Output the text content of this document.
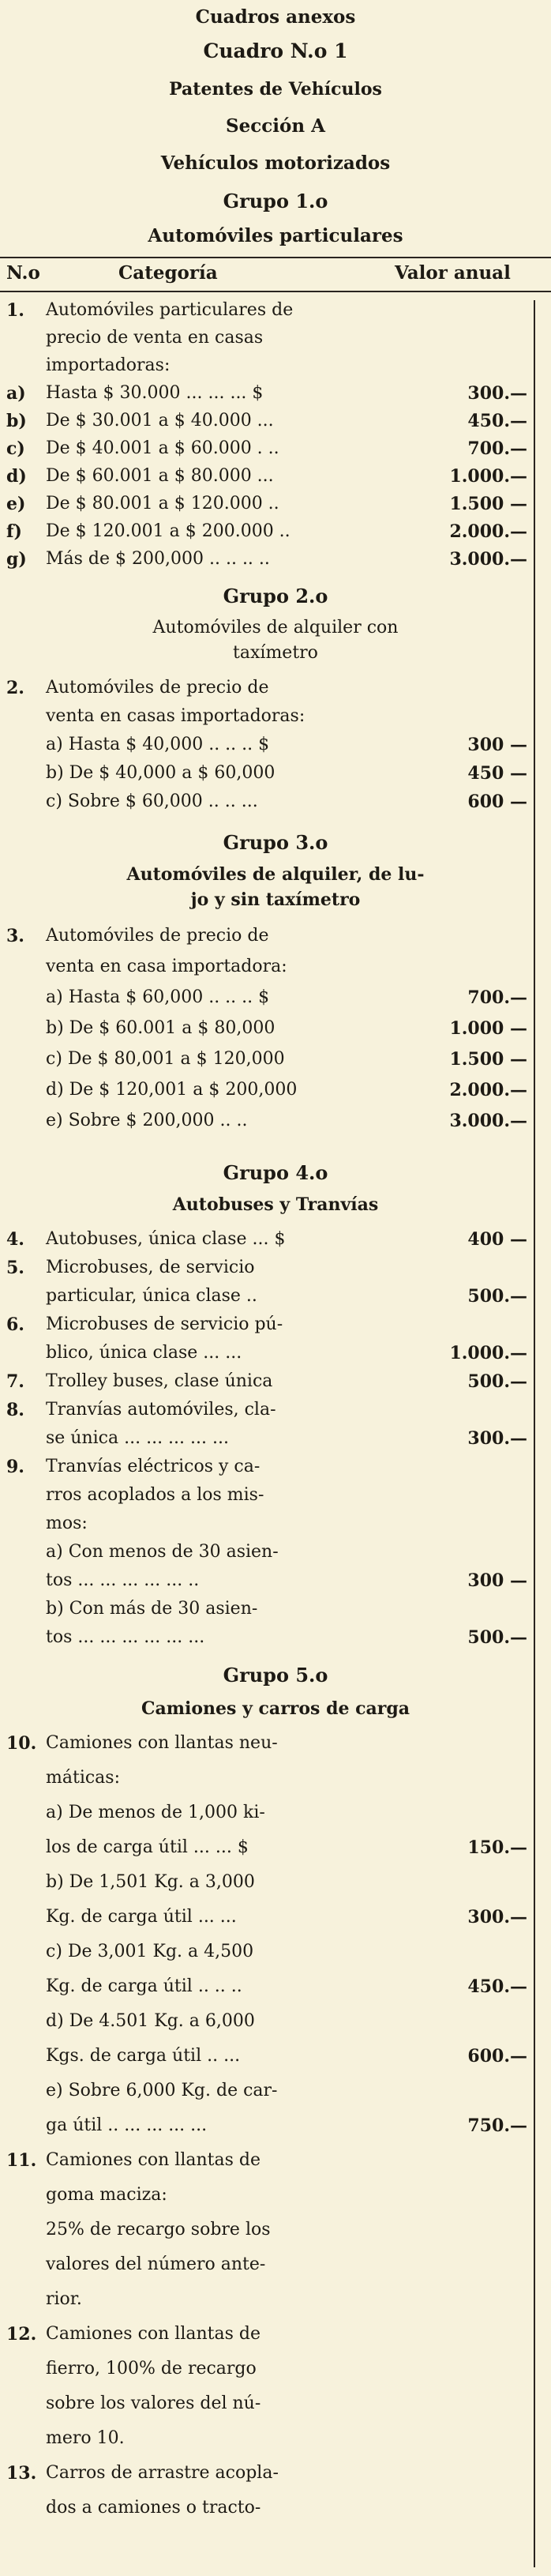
Cuadros anexos
Cuadro N.o 1
Patentes de Vehículos
Sección A
Vehículos motorizados
Grupo 1.o
Automóviles particulares
N.o	Categoría	Valor anual
1. Automóviles particulares de
precio de venta en casas
importadoras:
a) Hasta $ 30.000 ... ... ... $	300.—
b) De $ 30.001 a $ 40.000 ...	450.—
c) De $ 40.001 a $ 60.000 . ..	700.—
d) De $ 60.001 a $ 80.000 ...	1.000.—
e) De $ 80.001 a $ 120.000 ..	1.500 —
f) De $ 120.001 a $ 200.000 ..	2.000.—
g) Más de $ 200,000 .. .. .. ..	3.000.—
Grupo 2.o
Automóviles de alquiler con
taxímetro
2. Automóviles de precio de
venta en casas importadoras:
a) Hasta $ 40,000 .. .. .. $	300 —
b) De $ 40,000 a $ 60,000	450 —
c) Sobre $ 60,000 .. .. ...	600 —
Grupo 3.o
Automóviles de alquiler, de lu-
jo y sin taxímetro
3. Automóviles de precio de
venta en casa importadora:
a) Hasta $ 60,000 .. .. .. $	700.—
b) De $ 60.001 a $ 80,000	1.000 —
c) De $ 80,001 a $ 120,000	1.500 —
d) De $ 120,001 a $ 200,000	2.000.—
e) Sobre $ 200,000 .. ..	3.000.—
Grupo 4.o
Autobuses y Tranvías
4. Autobuses, única clase ... $	400 —
5. Microbuses, de servicio
particular, única clase ..	500.—
6. Microbuses de servicio pú-
blico, única clase ... ...	1.000.—
7. Trolley buses, clase única	500.—
8. Tranvías automóviles, cla-
se única ... ... ... ... ...	300.—
9. Tranvías eléctricos y ca-
rros acoplados a los mis-
mos:
a) Con menos de 30 asien-
tos ... ... ... ... ... ..	300 —
b) Con más de 30 asien-
tos ... ... ... ... ... ...	500.—
Grupo 5.o
Camiones y carros de carga
10. Camiones con llantas neu-
máticas:
a) De menos de 1,000 ki-
los de carga útil ... ... $	150.—
b) De 1,501 Kg. a 3,000
Kg. de carga útil ... ...	300.—
c) De 3,001 Kg. a 4,500
Kg. de carga útil .. .. ..	450.—
d) De 4.501 Kg. a 6,000
Kgs. de carga útil .. ...	600.—
e) Sobre 6,000 Kg. de car-
ga útil .. ... ... ... ...	750.—
11. Camiones con llantas de
goma maciza:
25% de recargo sobre los
valores del número ante-
rior.
12. Camiones con llantas de
fierro, 100% de recargo
sobre los valores del nú-
mero 10.
13. Carros de arrastre acopla-
dos a camiones o tracto-
